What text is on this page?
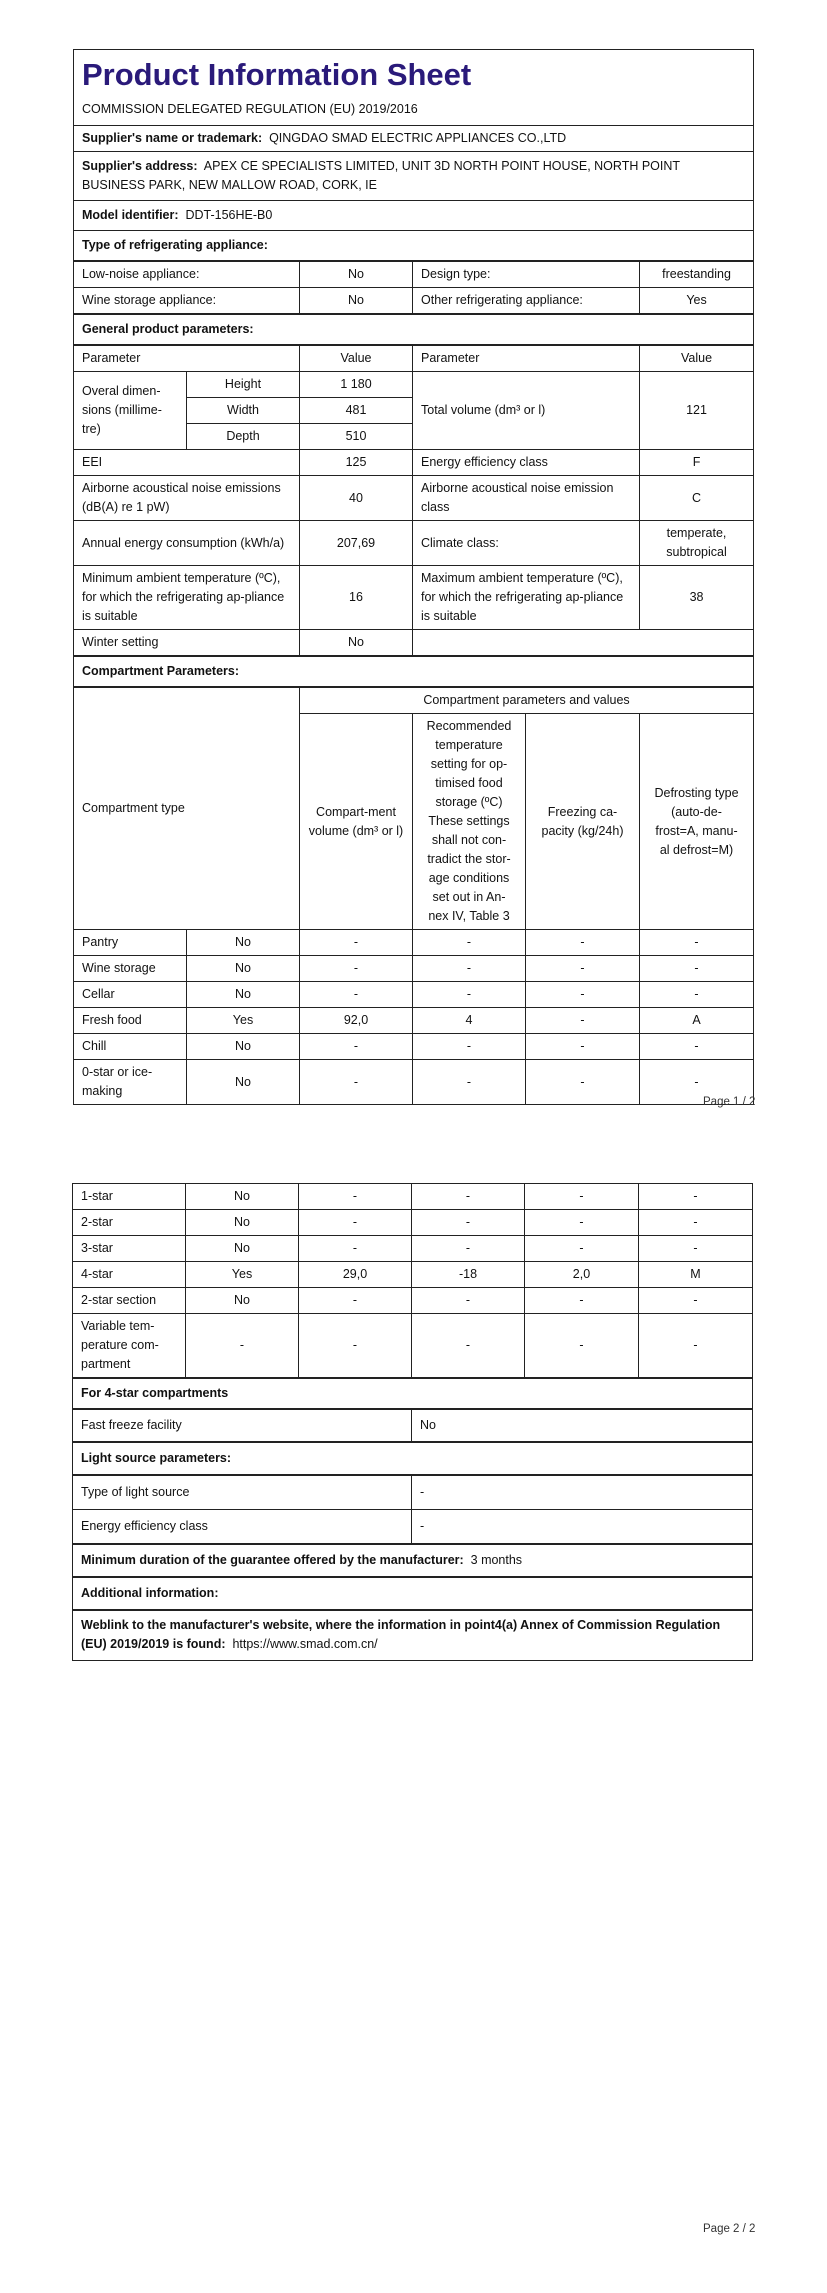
Product Information Sheet
COMMISSION DELEGATED REGULATION (EU) 2019/2016					

Supplier's name or trademark: QINGDAO SMAD ELECTRIC APPLIANCES CO.,LTD					
Supplier's address: APEX CE SPECIALISTS LIMITED, UNIT 3D NORTH POINT HOUSE, NORTH POINT BUSINESS PARK, NEW MALLOW ROAD, CORK, IE					
Model identifier: DDT-156HE-B0					
Type of refrigerating appliance:					
Low-noise appliance:		No	Design type:		freestanding
Wine storage appliance:		No	Other refrigerating appliance:		Yes
General product parameters:					
Parameter		Value	Parameter		Value
Overal dimen-sions (millime-tre)	Height	1 180	Total volume (dm³ or l)		121
	Width	481			
	Depth	510			
EEI		125	Energy efficiency class		F
Airborne acoustical noise emissions (dB(A) re 1 pW)		40	Airborne acoustical noise emission class		C
Annual energy consumption (kWh/a)		207,69	Climate class:		temperate, subtropical
Minimum ambient temperature (ºC), for which the refrigerating ap-pliance is suitable		16	Maximum ambient temperature (ºC), for which the refrigerating ap-pliance is suitable		38
Winter setting		No			
Compartment Parameters:					
Compartment type		Compartment parameters and values			
		Compart-ment volume (dm³ or l)	Recommended temperature setting for op-timised food storage (ºC) These settings shall not con-tradict the stor-age conditions set out in An-nex IV, Table 3	Freezing ca-pacity (kg/24h)	Defrosting type (auto-de-frost=A, manu-al defrost=M)
Pantry	No	-	-	-	-
Wine storage	No	-	-	-	-
Cellar	No	-	-	-	-
Fresh food	Yes	92,0	4	-	A
Chill	No	-	-	-	-
0-star or ice-making	No	-	-	-	-
Page 1 / 2
1-star	No	-	-	-	-
2-star	No	-	-	-	-
3-star	No	-	-	-	-
4-star	Yes	29,0	-18	2,0	M
2-star section	No	-	-	-	-
Variable tem-perature com-partment	-	-	-	-	-
For 4-star compartments					
Fast freeze facility			No		
Light source parameters:					
Type of light source			-		
Energy efficiency class			-		
Minimum duration of the guarantee offered by the manufacturer: 3 months					
Additional information:					
Weblink to the manufacturer's website, where the information in point4(a) Annex of Commission Regulation (EU) 2019/2019 is found: https://www.smad.com.cn/					
Page 2 / 2
